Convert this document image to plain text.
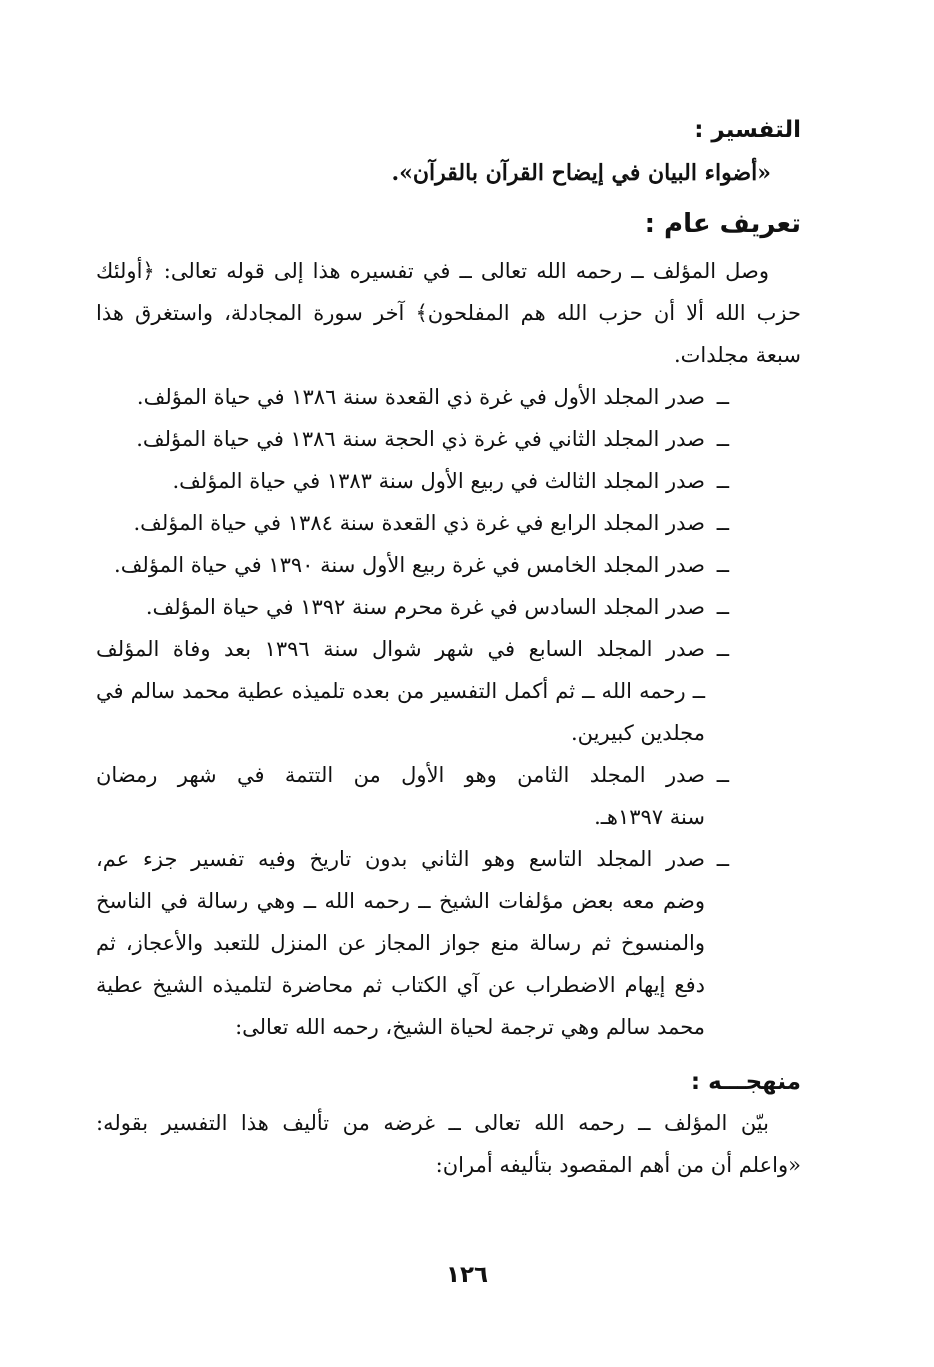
التفسير :

«أضواء البيان في إيضاح القرآن بالقرآن».

تعريف عام :

وصل المؤلف ــ رحمه الله تعالى ــ في تفسيره هذا إلى قوله تعالى: ﴿أولئك

حزب الله ألا أن حزب الله هم المفلحون﴾ آخر سورة المجادلة، واستغرق هذا

سبعة مجلدات.

ــ

صدر المجلد الأول في غرة ذي القعدة سنة ١٣٨٦ في حياة المؤلف.

ــ

صدر المجلد الثاني في غرة ذي الحجة سنة ١٣٨٦ في حياة المؤلف.

ــ

صدر المجلد الثالث في ربيع الأول سنة ١٣٨٣ في حياة المؤلف.

ــ

صدر المجلد الرابع في غرة ذي القعدة سنة ١٣٨٤ في حياة المؤلف.

ــ

صدر المجلد الخامس في غرة ربيع الأول سنة ١٣٩٠ في حياة المؤلف.

ــ

صدر المجلد السادس في غرة محرم سنة ١٣٩٢ في حياة المؤلف.

ــ

صدر المجلد السابع في شهر شوال سنة ١٣٩٦ بعد وفاة المؤلف

ــ رحمه الله ــ ثم أكمل التفسير من بعده تلميذه عطية محمد سالم في

مجلدين كبيرين.

ــ

صدر المجلد الثامن وهو الأول من التتمة في شهر رمضان

سنة ١٣٩٧هـ.

ــ

صدر المجلد التاسع وهو الثاني بدون تاريخ وفيه تفسير جزء عم،

وضم معه بعض مؤلفات الشيخ ــ رحمه الله ــ وهي رسالة في الناسخ

والمنسوخ ثم رسالة منع جواز المجاز عن المنزل للتعبد والأعجاز، ثم

دفع إيهام الاضطراب عن آي الكتاب ثم محاضرة لتلميذه الشيخ عطية

محمد سالم وهي ترجمة لحياة الشيخ، رحمه الله تعالى:

منهجـــه :

بيّن المؤلف ــ رحمه الله تعالى ــ غرضه من تأليف هذا التفسير بقوله:

«واعلم أن من أهم المقصود بتأليفه أمران:

١٢٦
